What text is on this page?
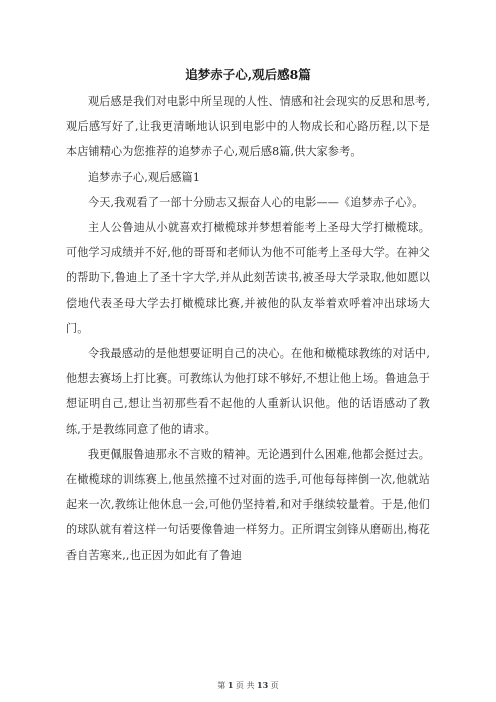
追梦赤子心,观后感8篇

观后感是我们对电影中所呈现的人性、情感和社会现实的反思和思考,观后感写好了,让我更清晰地认识到电影中的人物成长和心路历程,以下是本店铺精心为您推荐的追梦赤子心,观后感8篇,供大家参考。

追梦赤子心,观后感篇1

今天,我观看了一部十分励志又振奋人心的电影——《追梦赤子心》。

主人公鲁迪从小就喜欢打橄榄球并梦想着能考上圣母大学打橄榄球。可他学习成绩并不好,他的哥哥和老师认为他不可能考上圣母大学。在神父的帮助下,鲁迪上了圣十字大学,并从此刻苦读书,被圣母大学录取,他如愿以偿地代表圣母大学去打橄榄球比赛,并被他的队友举着欢呼着冲出球场大门。

令我最感动的是他想要证明自己的决心。在他和橄榄球教练的对话中,他想去赛场上打比赛。可教练认为他打球不够好,不想让他上场。鲁迪急于想证明自己,想让当初那些看不起他的人重新认识他。他的话语感动了教练,于是教练同意了他的请求。

我更佩服鲁迪那永不言败的精神。无论遇到什么困难,他都会挺过去。在橄榄球的训练赛上,他虽然撞不过对面的选手,可他每每摔倒一次,他就站起来一次,教练让他休息一会,可他仍坚持着,和对手继续较量着。于是,他们的球队就有着这样一句话要像鲁迪一样努力。正所谓宝剑锋从磨砺出,梅花香自苦寒来,,也正因为如此有了鲁迪

第 1 页 共 13 页
